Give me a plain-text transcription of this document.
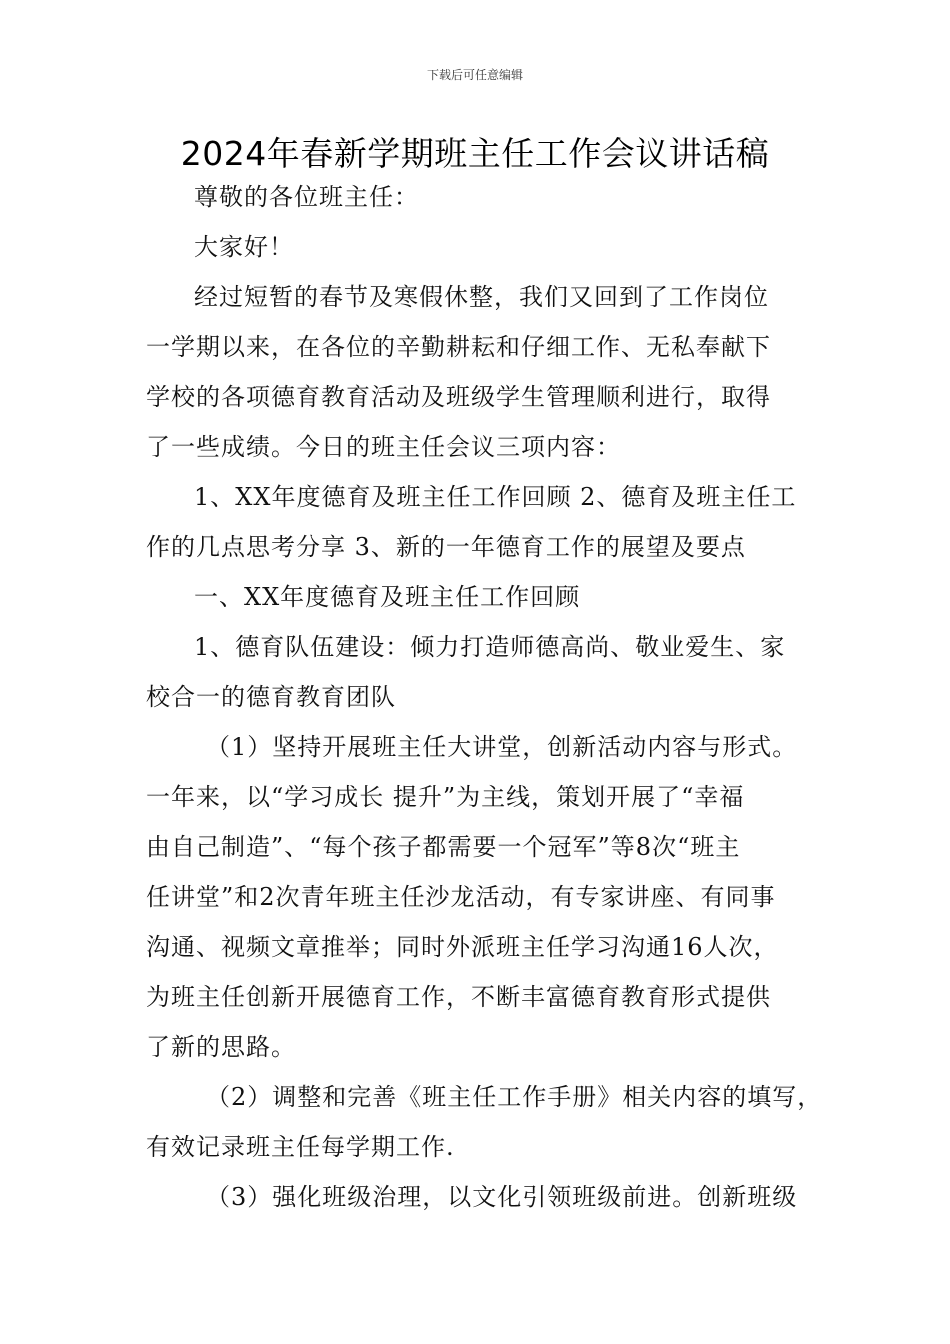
下载后可任意编辑
2024年春新学期班主任工作会议讲话稿

尊敬的各位班主任：

大家好！

经过短暂的春节及寒假休整，我们又回到了工作岗位

一学期以来，在各位的辛勤耕耘和仔细工作、无私奉献下

学校的各项德育教育活动及班级学生管理顺利进行，取得

了一些成绩。今日的班主任会议三项内容：

1、XX年度德育及班主任工作回顾 2、德育及班主任工

作的几点思考分享 3、新的一年德育工作的展望及要点

一、XX年度德育及班主任工作回顾

1、德育队伍建设：倾力打造师德高尚、敬业爱生、家

校合一的德育教育团队

（1）坚持开展班主任大讲堂，创新活动内容与形式。

一年来，以“学习成长 提升”为主线，策划开展了“幸福

由自己制造”、“每个孩子都需要一个冠军”等8次“班主

任讲堂”和2次青年班主任沙龙活动，有专家讲座、有同事

沟通、视频文章推举；同时外派班主任学习沟通16人次，

为班主任创新开展德育工作，不断丰富德育教育形式提供

了新的思路。

（2）调整和完善《班主任工作手册》相关内容的填写，

有效记录班主任每学期工作.

（3）强化班级治理，以文化引领班级前进。创新班级
